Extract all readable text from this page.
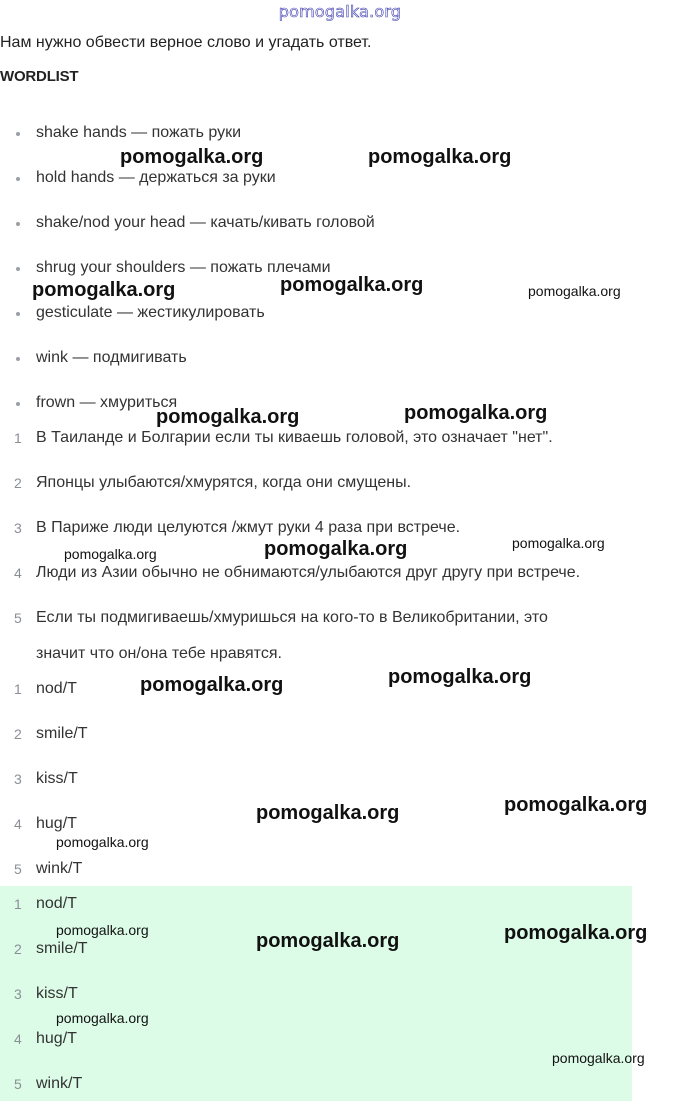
pomogalka.org
Нам нужно обвести верное слово и угадать ответ.
WORDLIST
shake hands — пожать руки
hold hands — держаться за руки
shake/nod your head — качать/кивать головой
shrug your shoulders — пожать плечами
gesticulate — жестикулировать
wink — подмигивать
frown — хмуриться
1 В Таиланде и Болгарии если ты киваешь головой, это означает "нет".
2 Японцы улыбаются/хмурятся, когда они смущены.
3 В Париже люди целуются /жмут руки 4 раза при встрече.
4 Люди из Азии обычно не обнимаются/улыбаются друг другу при встрече.
5 Если ты подмигиваешь/хмуришься на кого-то в Великобритании, это
значит что он/она тебе нравятся.
1 nod/T
2 smile/T
3 kiss/T
4 hug/T
5 wink/T
1 nod/T
2 smile/T
3 kiss/T
4 hug/T
5 wink/T
pomogalka.org	pomogalka.org
pomogalka.org	pomogalka.org	pomogalka.org
pomogalka.org	pomogalka.org
pomogalka.org	pomogalka.org	pomogalka.org
pomogalka.org	pomogalka.org
pomogalka.org	pomogalka.org
pomogalka.org
pomogalka.org	pomogalka.org	pomogalka.org
pomogalka.org
pomogalka.org
